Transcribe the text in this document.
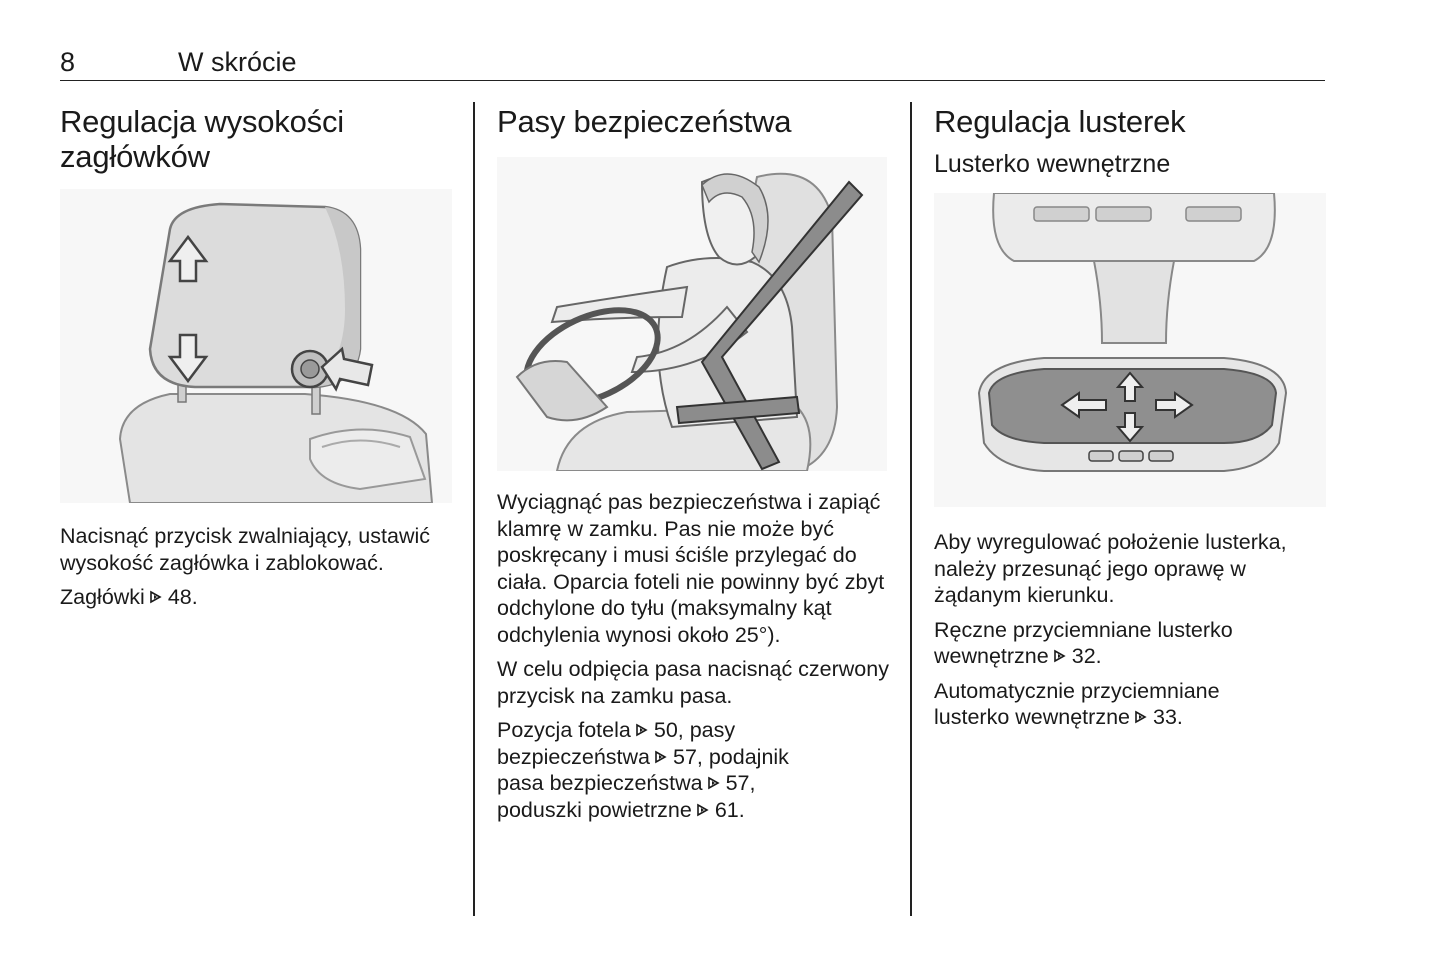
8	W skrócie
Regulacja wysokości zagłówków

Nacisnąć przycisk zwalniający, ustawić wysokość zagłówka i zablokować.

Zagłówki 48.

Pasy bezpieczeństwa

Wyciągnąć pas bezpieczeństwa i zapiąć klamrę w zamku. Pas nie może być poskręcany i musi ściśle przylegać do ciała. Oparcia foteli nie powinny być zbyt odchylone do tyłu (maksymalny kąt odchylenia wynosi około 25°).

W celu odpięcia pasa nacisnąć czerwony przycisk na zamku pasa.

Pozycja fotela 50, pasy
bezpieczeństwa 57, podajnik
pasa bezpieczeństwa 57,
poduszki powietrzne 61.

Regulacja lusterek
Lusterko wewnętrzne

Aby wyregulować położenie lusterka, należy przesunąć jego oprawę w żądanym kierunku.

Ręczne przyciemniane lusterko
wewnętrzne 32.

Automatycznie przyciemniane
lusterko wewnętrzne 33.
